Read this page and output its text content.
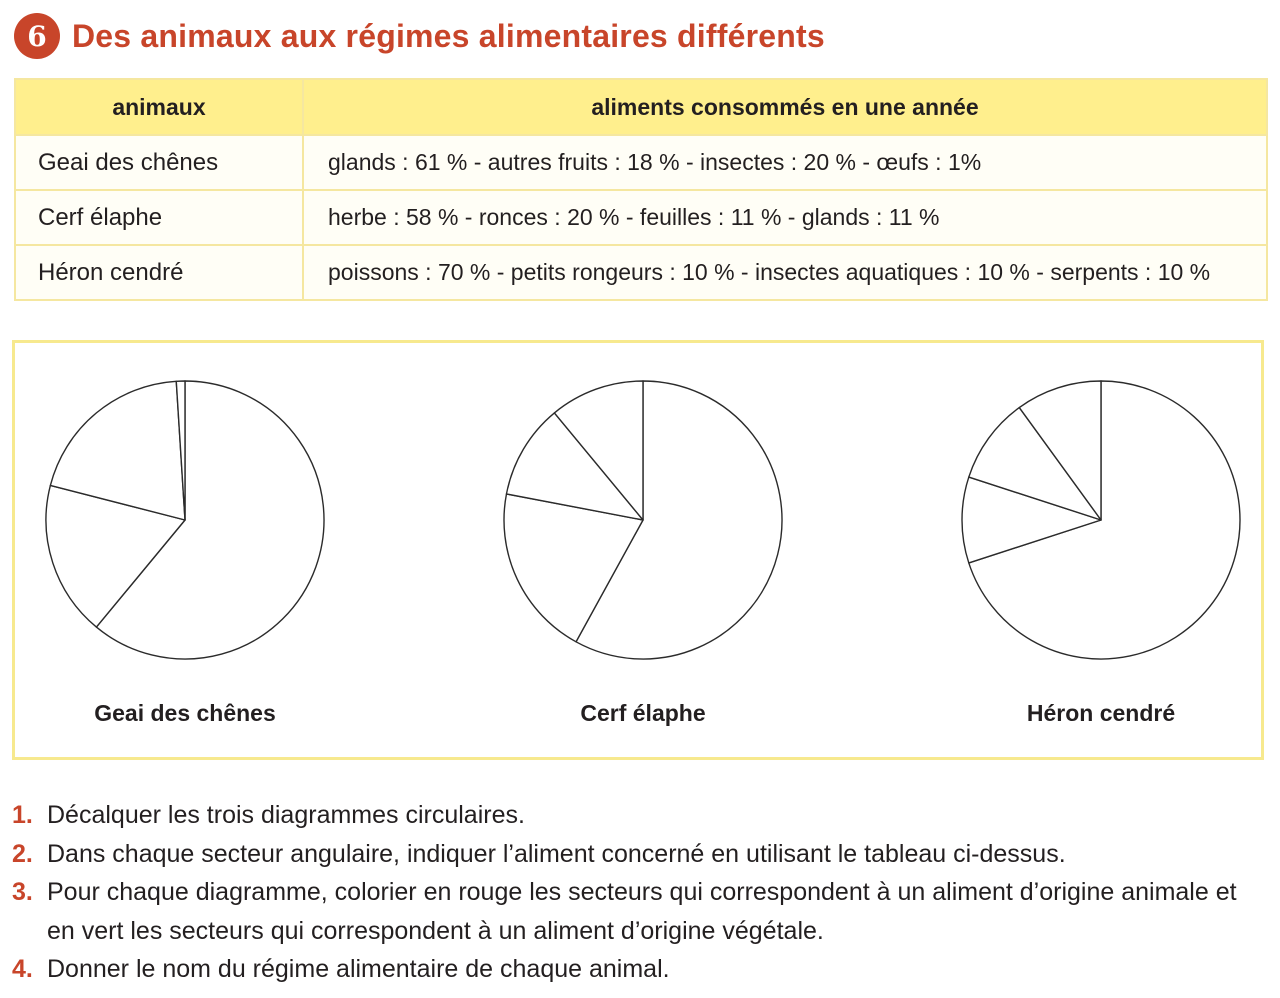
6 Des animaux aux régimes alimentaires différents
animaux	aliments consommés en une année
Geai des chênes	glands : 61 % - autres fruits : 18 % - insectes : 20 % - œufs : 1%
Cerf élaphe	herbe : 58 % - ronces : 20 % - feuilles : 11 % - glands : 11 %
Héron cendré	poissons : 70 % - petits rongeurs : 10 % - insectes aquatiques : 10 % - serpents : 10 %
Geai des chênes	Cerf élaphe	Héron cendré
1. Décalquer les trois diagrammes circulaires.
2. Dans chaque secteur angulaire, indiquer l’aliment concerné en utilisant le tableau ci-dessus.
3. Pour chaque diagramme, colorier en rouge les secteurs qui correspondent à un aliment d’origine animale et en vert les secteurs qui correspondent à un aliment d’origine végétale.
4. Donner le nom du régime alimentaire de chaque animal.
